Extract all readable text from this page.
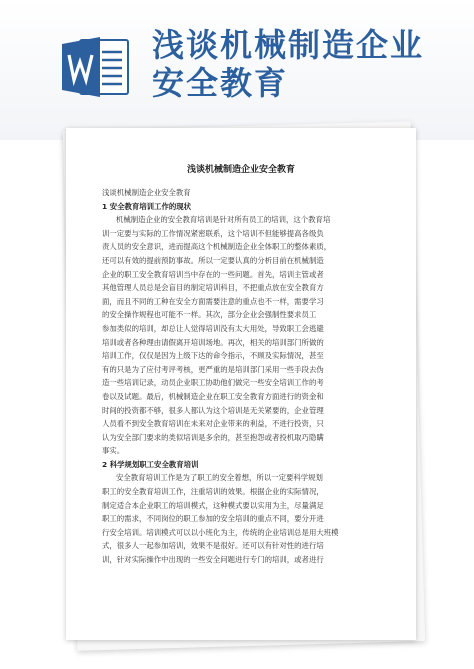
浅谈机械制造企业
安全教育
浅谈机械制造企业安全教育
浅谈机械制造企业安全教育
1 安全教育培训工作的现状
机械制造企业的安全教育培训是针对所有员工的培训，这个教育培
训一定要与实际的工作情况紧密联系，这个培训不但能够提高各级负
责人员的安全意识，进而提高这个机械制造企业全体职工的整体素质，
还可以有效的提前预防事故。所以一定要认真的分析目前在机械制造
企业的职工安全教育培训当中存在的一些问题。首先，培训主管或者
其他管理人员总是会盲目的制定培训科目，不把重点放在安全教育方
面，而且不同的工种在安全方面需要注意的重点也不一样，需要学习
的安全操作规程也可能不一样。其次，部分企业会强制性要求员工
参加类似的培训，却总让人觉得培训没有太大用处，导致职工会逃避
培训或者各种理由请假离开培训场地。再次，相关的培训部门所做的
培训工作，仅仅是因为上级下达的命令指示，不顾及实际情况，甚至
有的只是为了应付考评考核，更严重的是培训部门采用一些手段去伪
造一些培训记录，动员企业职工协助他们做完一些安全培训工作的考
卷以及试题。最后，机械制造企业在职工安全教育方面进行的资金和
时间的投资都不够，很多人都认为这个培训是无关紧要的，企业管理
人员看不到安全教育培训在未来对企业带来的利益，不进行投资，只
认为安全部门要求的类似培训是多余的，甚至抱怨或者投机取巧隐瞒
事实。
2 科学规划职工安全教育培训
安全教育培训工作是为了职工的安全着想，所以一定要科学规划
职工的安全教育培训工作，注重培训的效果。根据企业的实际情况，
制定适合本企业职工的培训模式，这种模式要以实用为主，尽量满足
职工的需求，不同岗位的职工参加的安全培训的重点不同，要分开进
行安全培训。培训模式可以以小班化为主，传统的企业培训总是用大班模
式，很多人一起参加培训，效果不是很好。还可以有针对性的进行培
训，针对实际操作中出现的一些安全问题进行专门的培训，或者进行
